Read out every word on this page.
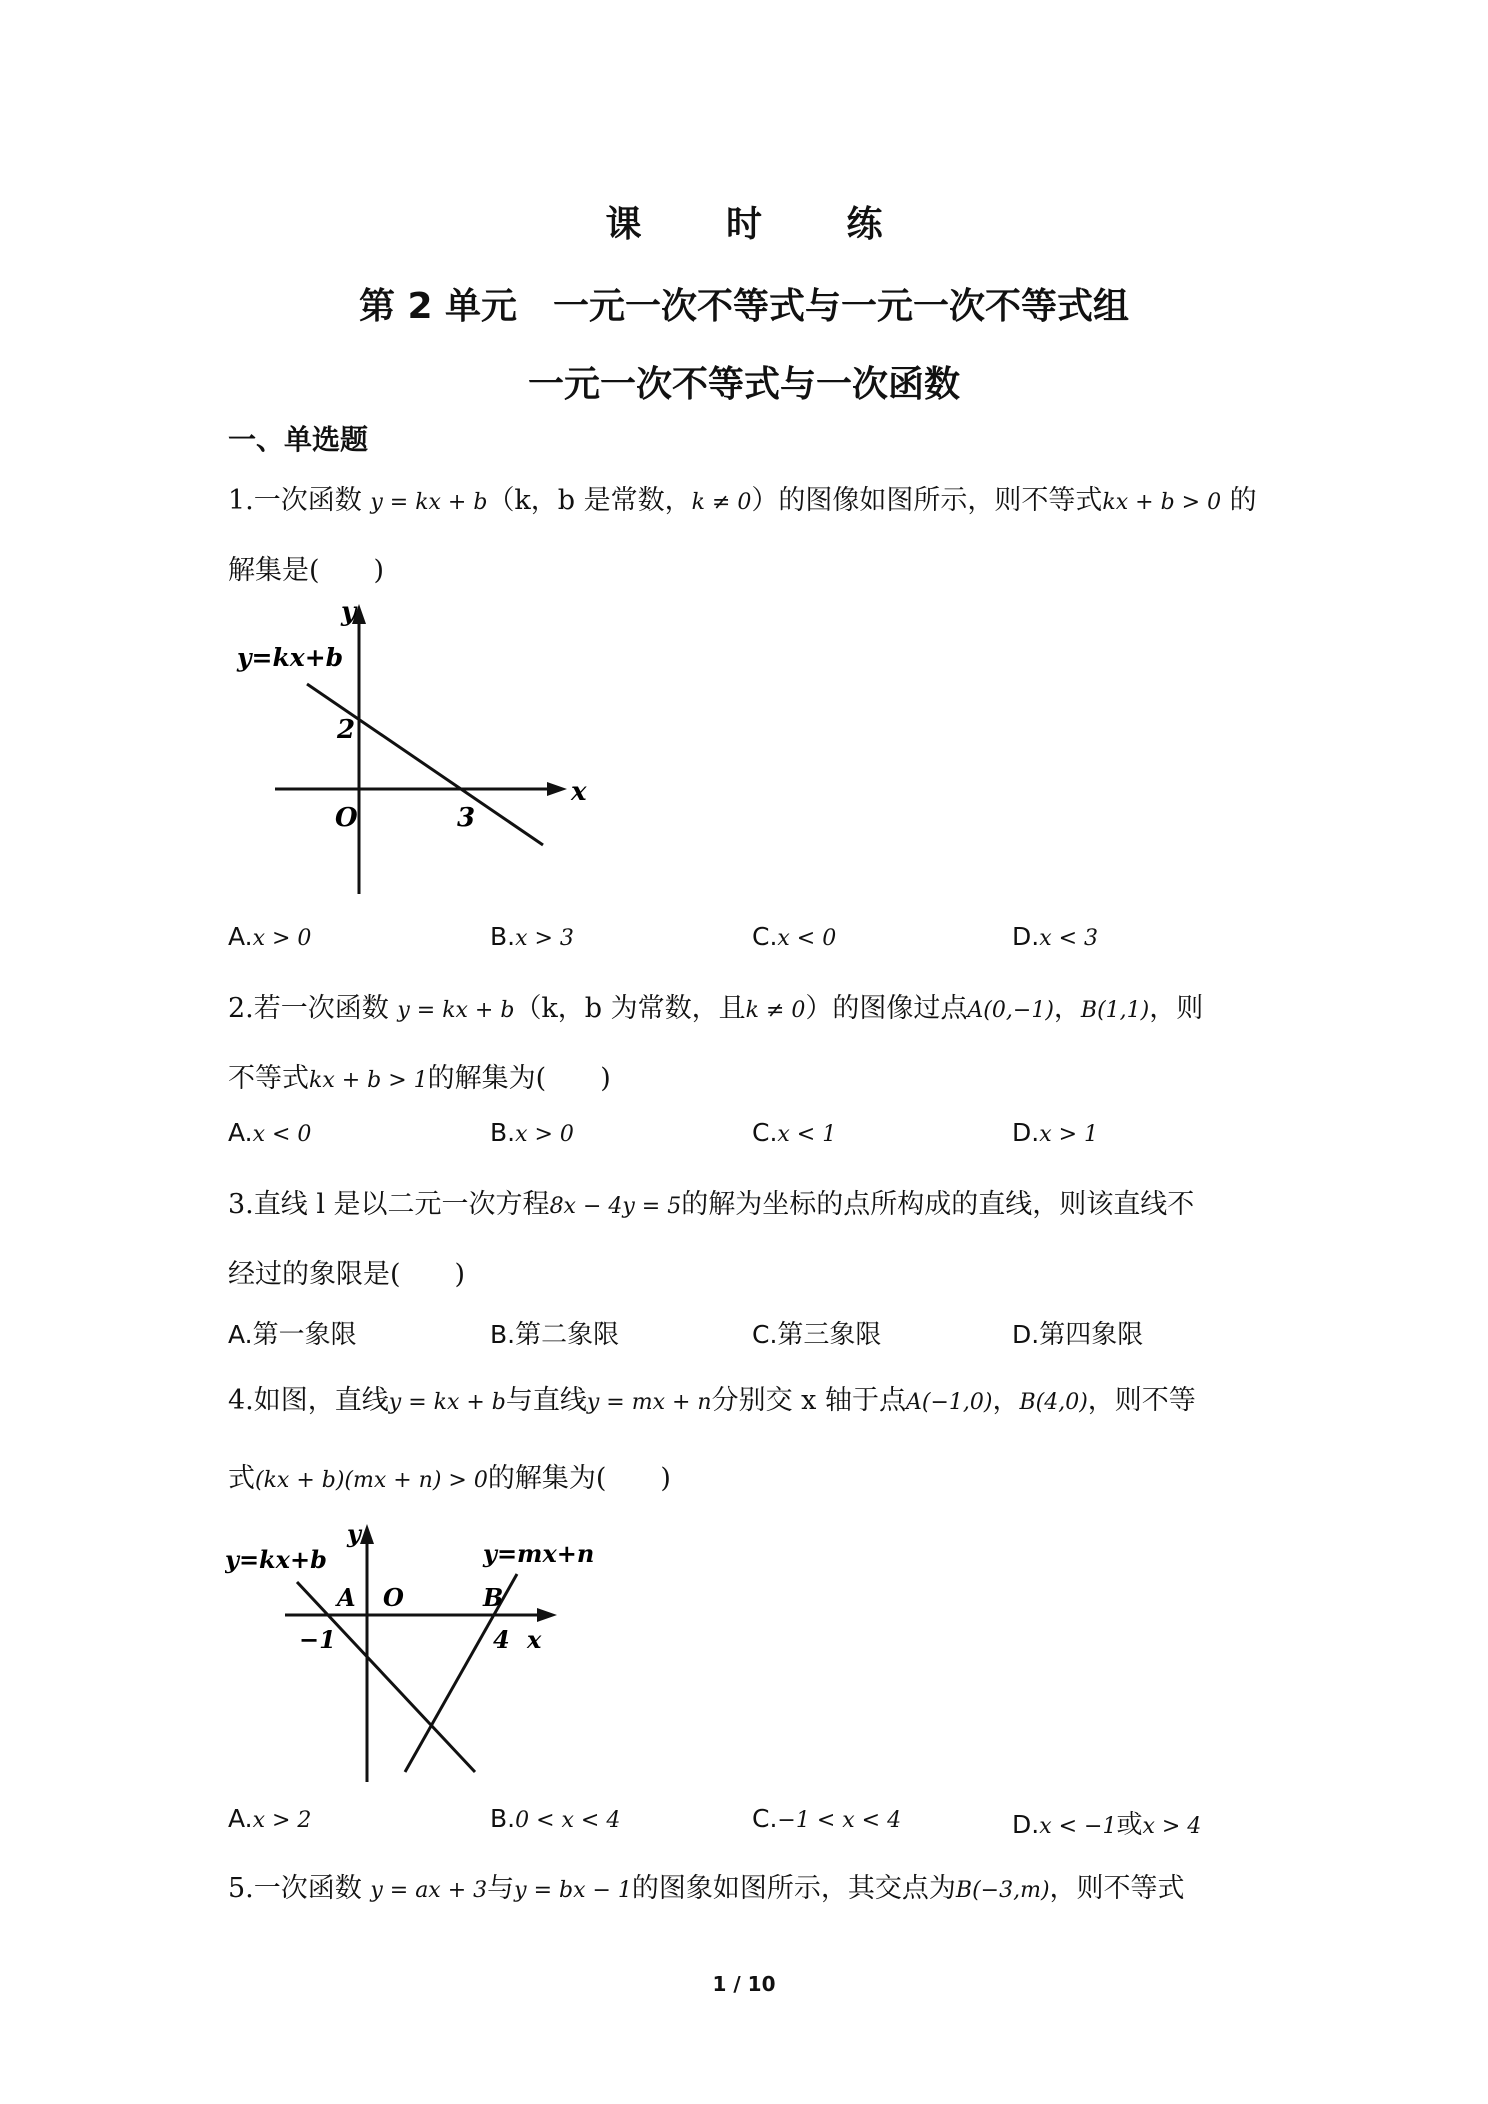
课 时 练
第 2 单元　一元一次不等式与一元一次不等式组
一元一次不等式与一次函数
一、单选题
1.一次函数 y = kx + b（k，b 是常数，k ≠ 0）的图像如图所示，则不等式kx + b > 0 的
解集是(　　)
y
x
y=kx+b
2
O	3
A.x > 0	B.x > 3	C.x < 0	D.x < 3
2.若一次函数 y = kx + b（k，b 为常数，且k ≠ 0）的图像过点A(0,−1)，B(1,1)，则
不等式kx + b > 1的解集为(　　)
A.x < 0	B.x > 0	C.x < 1	D.x > 1
3.直线 l 是以二元一次方程8x − 4y = 5的解为坐标的点所构成的直线，则该直线不
经过的象限是(　　)
A.第一象限	B.第二象限	C.第三象限	D.第四象限
4.如图，直线y = kx + b与直线y = mx + n分别交 x 轴于点A(−1,0)，B(4,0)，则不等
式(kx + b)(mx + n) > 0的解集为(　　)
y
x
y=kx+b	y=mx+n
A O	B
−1	4
A.x > 2	B.0 < x < 4	C.−1 < x < 4	D.x < −1或x > 4
5.一次函数 y = ax + 3与y = bx − 1的图象如图所示，其交点为B(−3,m)，则不等式
1 / 10
